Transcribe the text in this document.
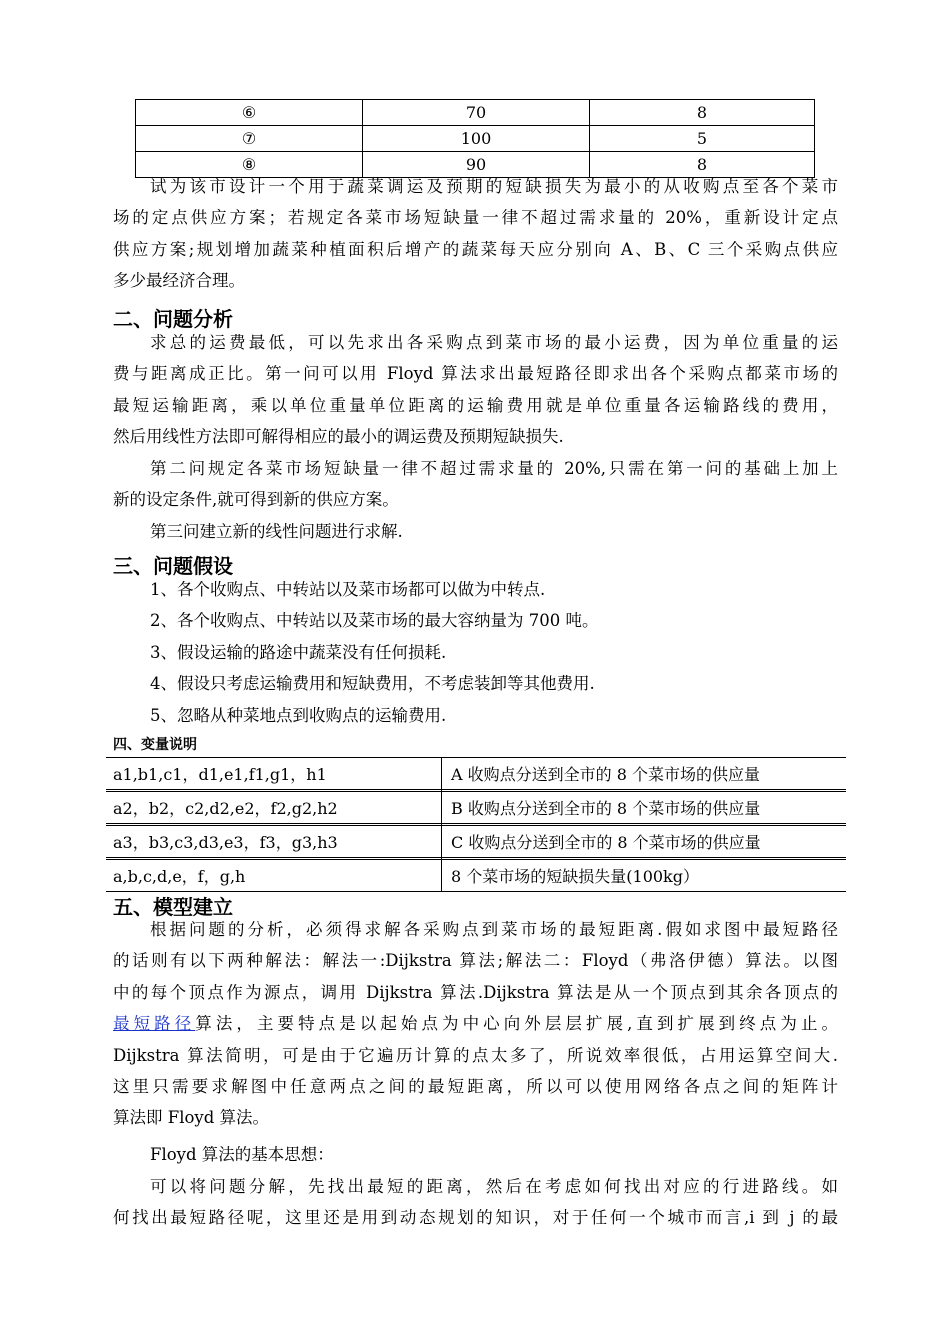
⑥	70	8
⑦	100	5
⑧	90	8
试为该市设计一个用于蔬菜调运及预期的短缺损失为最小的从收购点至各个菜市
场的定点供应方案；若规定各菜市场短缺量一律不超过需求量的 20%，重新设计定点
供应方案;规划增加蔬菜种植面积后增产的蔬菜每天应分别向 A、B、C 三个采购点供应
多少最经济合理。
二、问题分析
求总的运费最低，可以先求出各采购点到菜市场的最小运费，因为单位重量的运
费与距离成正比。第一问可以用 Floyd 算法求出最短路径即求出各个采购点都菜市场的
最短运输距离，乘以单位重量单位距离的运输费用就是单位重量各运输路线的费用，
然后用线性方法即可解得相应的最小的调运费及预期短缺损失.
第二问规定各菜市场短缺量一律不超过需求量的 20%,只需在第一问的基础上加上
新的设定条件,就可得到新的供应方案。
第三问建立新的线性问题进行求解.
三、问题假设
1、各个收购点、中转站以及菜市场都可以做为中转点.
2、各个收购点、中转站以及菜市场的最大容纳量为 700 吨。
3、假设运输的路途中蔬菜没有任何损耗.
4、假设只考虑运输费用和短缺费用，不考虑装卸等其他费用.
5、忽略从种菜地点到收购点的运输费用.
四、变量说明
a1,b1,c1，d1,e1,f1,g1，h1	A 收购点分送到全市的 8 个菜市场的供应量

a2，b2，c2,d2,e2，f2,g2,h2	B 收购点分送到全市的 8 个菜市场的供应量

a3，b3,c3,d3,e3，f3，g3,h3	C 收购点分送到全市的 8 个菜市场的供应量

a,b,c,d,e，f，g,h	8 个菜市场的短缺损失量(100kg）
五、模型建立
根据问题的分析，必须得求解各采购点到菜市场的最短距离.假如求图中最短路径
的话则有以下两种解法：解法一:Dijkstra 算法;解法二：Floyd（弗洛伊德）算法。以图
中的每个顶点作为源点，调用 Dijkstra 算法.Dijkstra 算法是从一个顶点到其余各顶点的
最短路径算法，主要特点是以起始点为中心向外层层扩展,直到扩展到终点为止。
Dijkstra 算法简明，可是由于它遍历计算的点太多了，所说效率很低，占用运算空间大.
这里只需要求解图中任意两点之间的最短距离，所以可以使用网络各点之间的矩阵计
算法即 Floyd 算法。
Floyd 算法的基本思想：
可以将问题分解，先找出最短的距离，然后在考虑如何找出对应的行进路线。如
何找出最短路径呢，这里还是用到动态规划的知识，对于任何一个城市而言,i 到 j 的最
